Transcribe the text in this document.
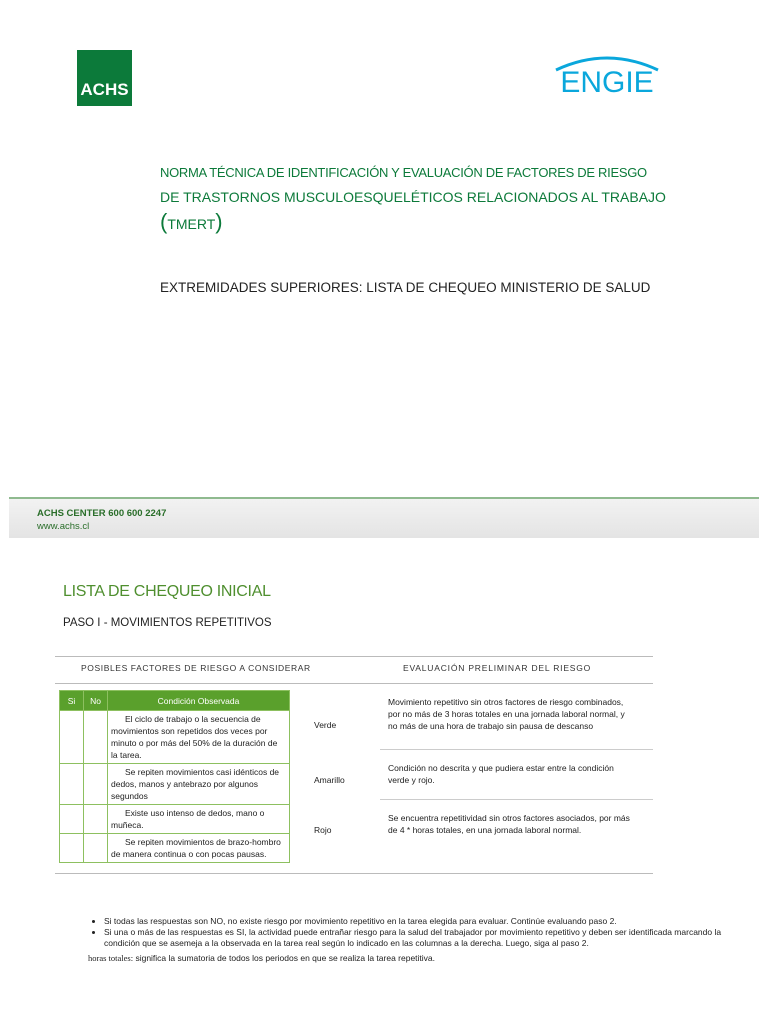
ACHS	ENGIE
NORMA TÉCNICA DE IDENTIFICACIÓN Y EVALUACIÓN DE FACTORES DE RIESGO
DE TRASTORNOS MUSCULOESQUELÉTICOS RELACIONADOS AL TRABAJO
(TMERT)
EXTREMIDADES SUPERIORES: LISTA DE CHEQUEO MINISTERIO DE SALUD
ACHS CENTER 600 600 2247
www.achs.cl
LISTA DE CHEQUEO INICIAL
PASO I - MOVIMIENTOS REPETITIVOS
POSIBLES FACTORES DE RIESGO A CONSIDERAR	EVALUACIÓN PRELIMINAR DEL RIESGO
Si	No	Condición Observada

		El ciclo de trabajo o la secuencia de movimientos son repetidos dos veces por minuto o por más del 50% de la duración de la tarea.

		Se repiten movimientos casi idénticos de dedos, manos y antebrazo por algunos segundos

		Existe uso intenso de dedos, mano o muñeca.

		Se repiten movimientos de brazo-hombro de manera continua o con pocas pausas.
Verde
Movimiento repetitivo sin otros factores de riesgo combinados, por no más de 3 horas totales en una jornada laboral normal, y no más de una hora de trabajo sin pausa de descanso
Amarillo
Condición no descrita y que pudiera estar entre la condición verde y rojo.
Rojo
Se encuentra repetitividad sin otros factores asociados, por más de 4 * horas totales, en una jornada laboral normal.
• Si todas las respuestas son NO, no existe riesgo por movimiento repetitivo en la tarea elegida para evaluar. Continúe evaluando paso 2.
• Si una o más de las respuestas es SI, la actividad puede entrañar riesgo para la salud del trabajador por movimiento repetitivo y deben ser identificada marcando la condición que se asemeja a la observada en la tarea real según lo indicado en las columnas a la derecha. Luego, siga al paso 2.
horas totales: significa la sumatoria de todos los periodos en que se realiza la tarea repetitiva.
